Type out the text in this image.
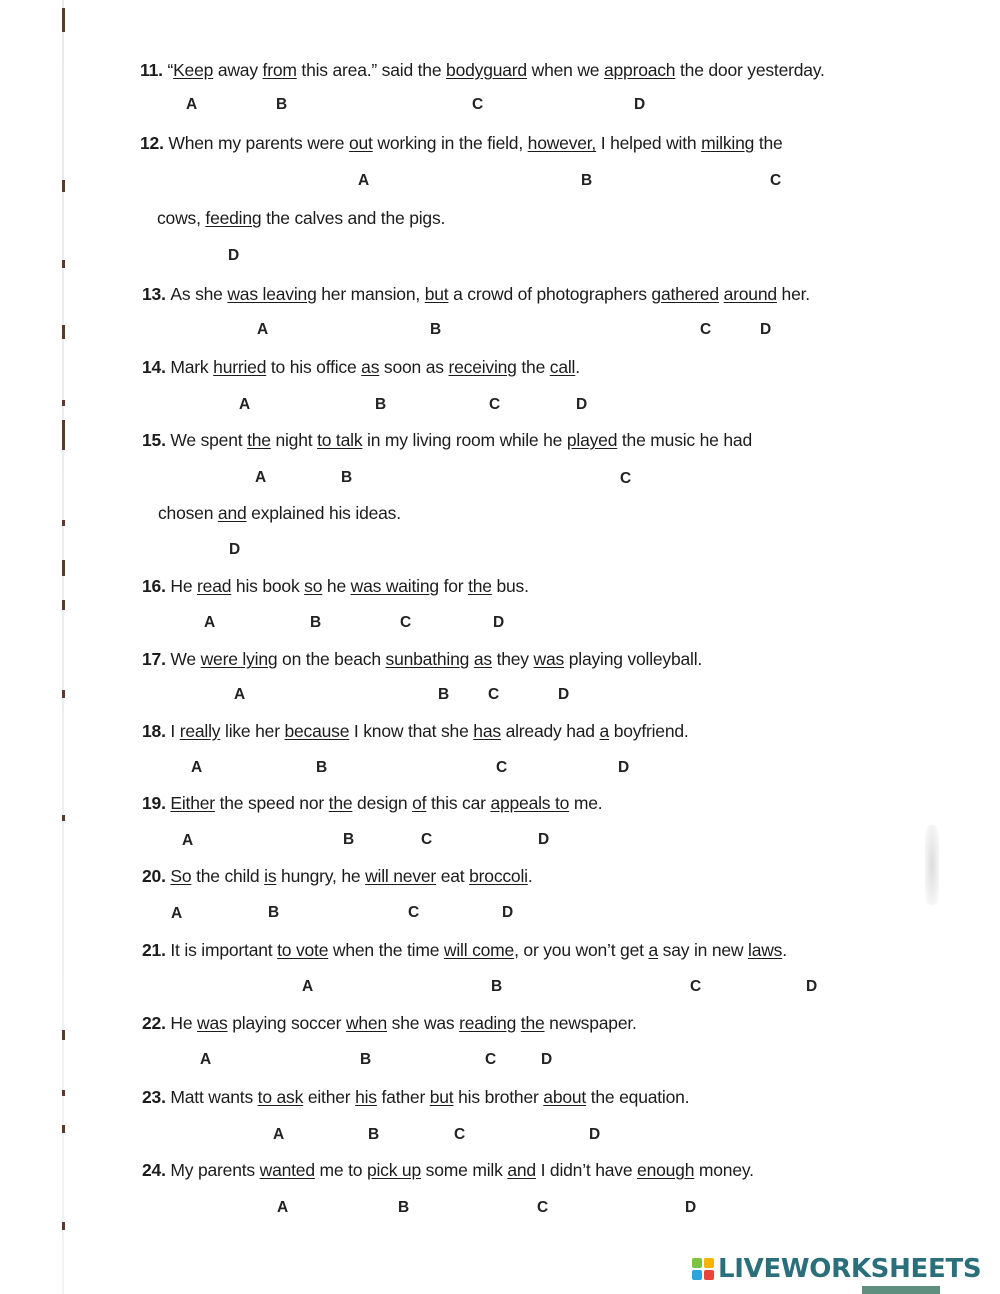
11. “Keep away from this area.” said the bodyguard when we approach the door yesterday.
A	B	C	D
12. When my parents were out working in the field, however, I helped with milking the
cows, feeding the calves and the pigs.
A	B	C
D
13. As she was leaving her mansion, but a crowd of photographers gathered around her.
A	B	C	D
14. Mark hurried to his office as soon as receiving the call.
A	B	C	D
15. We spent the night to talk in my living room while he played the music he had
chosen and explained his ideas.
A	B	C
D
16. He read his book so he was waiting for the bus.
A	B	C	D
17. We were lying on the beach sunbathing as they was playing volleyball.
A	B	C	D
18. I really like her because I know that she has already had a boyfriend.
A	B	C	D
19. Either the speed nor the design of this car appeals to me.
A	B	C	D
20. So the child is hungry, he will never eat broccoli.
A	B	C	D
21. It is important to vote when the time will come, or you won’t get a say in new laws.
A	B	C	D
22. He was playing soccer when she was reading the newspaper.
A	B	C	D
23. Matt wants to ask either his father but his brother about the equation.
A	B	C	D
24. My parents wanted me to pick up some milk and I didn’t have enough money.
A	B	C	D
LIVEWORKSHEETS
